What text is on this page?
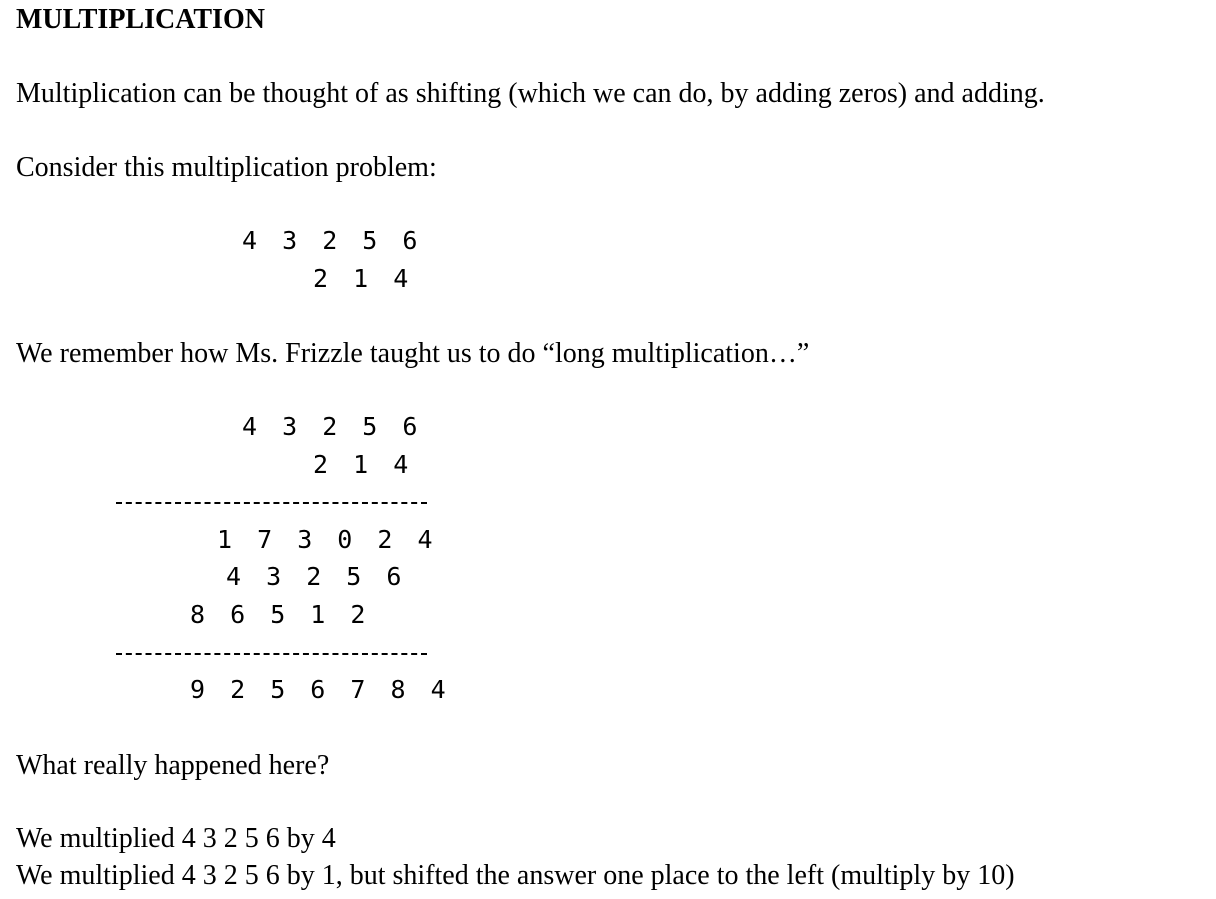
MULTIPLICATION
Multiplication can be thought of as shifting (which we can do, by adding zeros) and adding.
Consider this multiplication problem:
4 3 2 5 6
2 1 4
We remember how Ms. Frizzle taught us to do “long multiplication…”
4 3 2 5 6
2 1 4
1 7 3 0 2 4
4 3 2 5 6
8 6 5 1 2
9 2 5 6 7 8 4
What really happened here?
We multiplied 4 3 2 5 6 by 4
We multiplied 4 3 2 5 6 by 1, but shifted the answer one place to the left (multiply by 10)
